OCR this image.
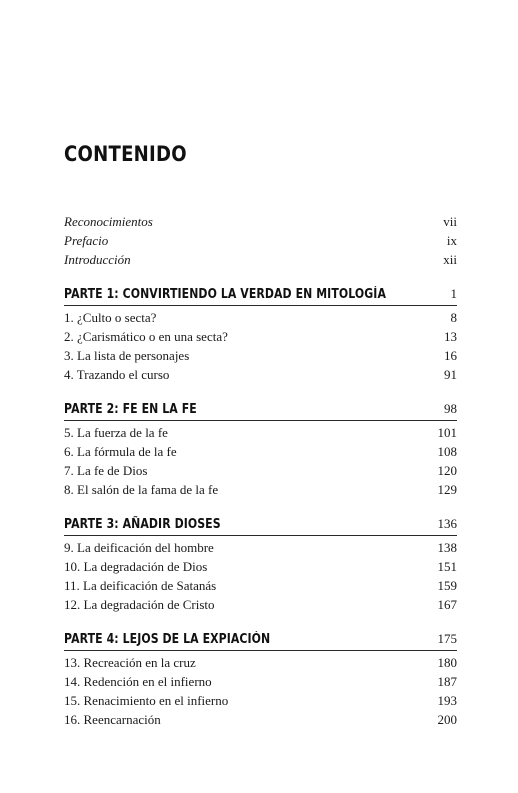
CONTENIDO
Reconocimientos	vii
Prefacio	ix
Introducción	xii
PARTE 1: CONVIRTIENDO LA VERDAD EN MITOLOGÍA	1
1. ¿Culto o secta?	8
2. ¿Carismático o en una secta?	13
3. La lista de personajes	16
4. Trazando el curso	91
PARTE 2: FE EN LA FE	98
5. La fuerza de la fe	101
6. La fórmula de la fe	108
7. La fe de Dios	120
8. El salón de la fama de la fe	129
PARTE 3: AÑADIR DIOSES	136
9. La deificación del hombre	138
10. La degradación de Dios	151
11. La deificación de Satanás	159
12. La degradación de Cristo	167
PARTE 4: LEJOS DE LA EXPIACIÓN	175
13. Recreación en la cruz	180
14. Redención en el infierno	187
15. Renacimiento en el infierno	193
16. Reencarnación	200
